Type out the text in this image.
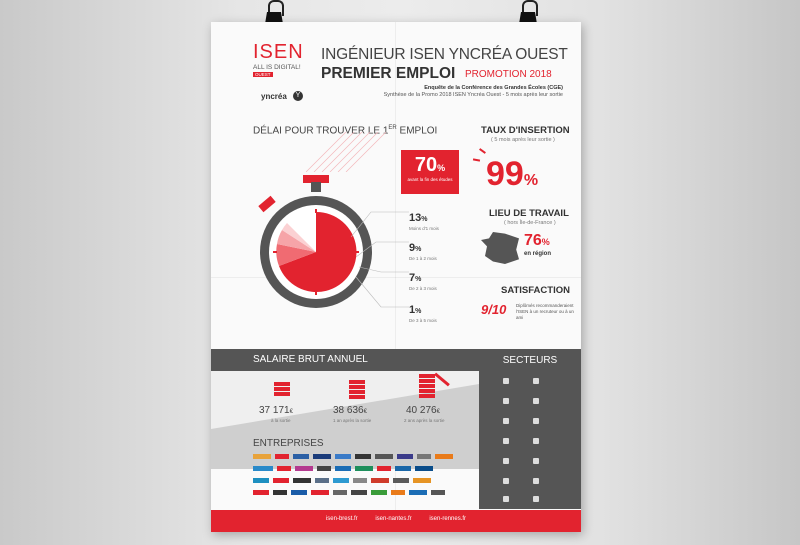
ISEN
ALL IS DIGITAL!
OUEST
yncréa	Y
INGÉNIEUR ISEN YNCRÉA OUEST
PREMIER EMPLOI PROMOTION 2018
Enquête de la Conférence des Grandes Écoles (CGE)
Synthèse de la Promo 2018 ISEN Yncréa Ouest - 5 mois après leur sortie
DÉLAI POUR TROUVER LE 1ER EMPLOI
70%
avant la fin des études
13%
Moins d'1 mois
9%
De 1 à 2 mois
7%
De 2 à 3 mois
1%
De 3 à 5 mois
TAUX D'INSERTION
( 5 mois après leur sortie )
99%
LIEU DE TRAVAIL
( hors Île-de-France )
76%
en région
SATISFACTION
9/10 Diplômés recommanderaient l'ISEN à un recruteur ou à un ami
SALAIRE BRUT ANNUEL
37 171€
à la sortie
38 636€
1 an après la sortie
40 276€
2 ans après la sortie
SECTEURS
ENTREPRISES
isen-brest.fr	isen-nantes.fr	isen-rennes.fr
